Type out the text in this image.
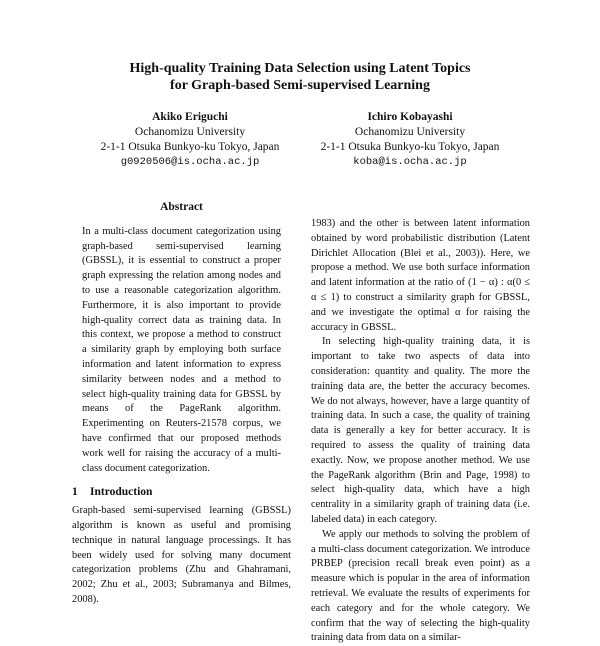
High-quality Training Data Selection using Latent Topics
for Graph-based Semi-supervised Learning
Akiko Eriguchi
Ochanomizu University
2-1-1 Otsuka Bunkyo-ku Tokyo, Japan
g0920506@is.ocha.ac.jp
Ichiro Kobayashi
Ochanomizu University
2-1-1 Otsuka Bunkyo-ku Tokyo, Japan
koba@is.ocha.ac.jp
Abstract

In a multi-class document categorization using graph-based semi-supervised learning (GBSSL), it is essential to construct a proper graph expressing the relation among nodes and to use a reasonable categorization algorithm. Furthermore, it is also important to provide high-quality correct data as training data. In this context, we propose a method to construct a similarity graph by employing both surface information and latent information to express similarity between nodes and a method to select high-quality training data for GBSSL by means of the PageRank algorithm. Experimenting on Reuters-21578 corpus, we have confirmed that our proposed methods work well for raising the accuracy of a multi-class document categorization.

1 Introduction

Graph-based semi-supervised learning (GBSSL) algorithm is known as useful and promising technique in natural language processings. It has been widely used for solving many document categorization problems (Zhu and Ghahramani, 2002; Zhu et al., 2003; Subramanya and Bilmes, 2008).

1983) and the other is between latent information obtained by word probabilistic distribution (Latent Dirichlet Allocation (Blei et al., 2003)). Here, we propose a method. We use both surface information and latent information at the ratio of (1 − α) : α(0 ≤ α ≤ 1) to construct a similarity graph for GBSSL, and we investigate the optimal α for raising the accuracy in GBSSL.

In selecting high-quality training data, it is important to take two aspects of data into consideration: quantity and quality. The more the training data are, the better the accuracy becomes. We do not always, however, have a large quantity of training data. In such a case, the quality of training data is generally a key for better accuracy. It is required to assess the quality of training data exactly. Now, we propose another method. We use the PageRank algorithm (Brin and Page, 1998) to select high-quality data, which have a high centrality in a similarity graph of training data (i.e. labeled data) in each category.

We apply our methods to solving the problem of a multi-class document categorization. We introduce PRBEP (precision recall break even point) as a measure which is popular in the area of information retrieval. We evaluate the results of experiments for each category and for the whole category. We confirm that the way of selecting the high-quality training data from data on a similar-
